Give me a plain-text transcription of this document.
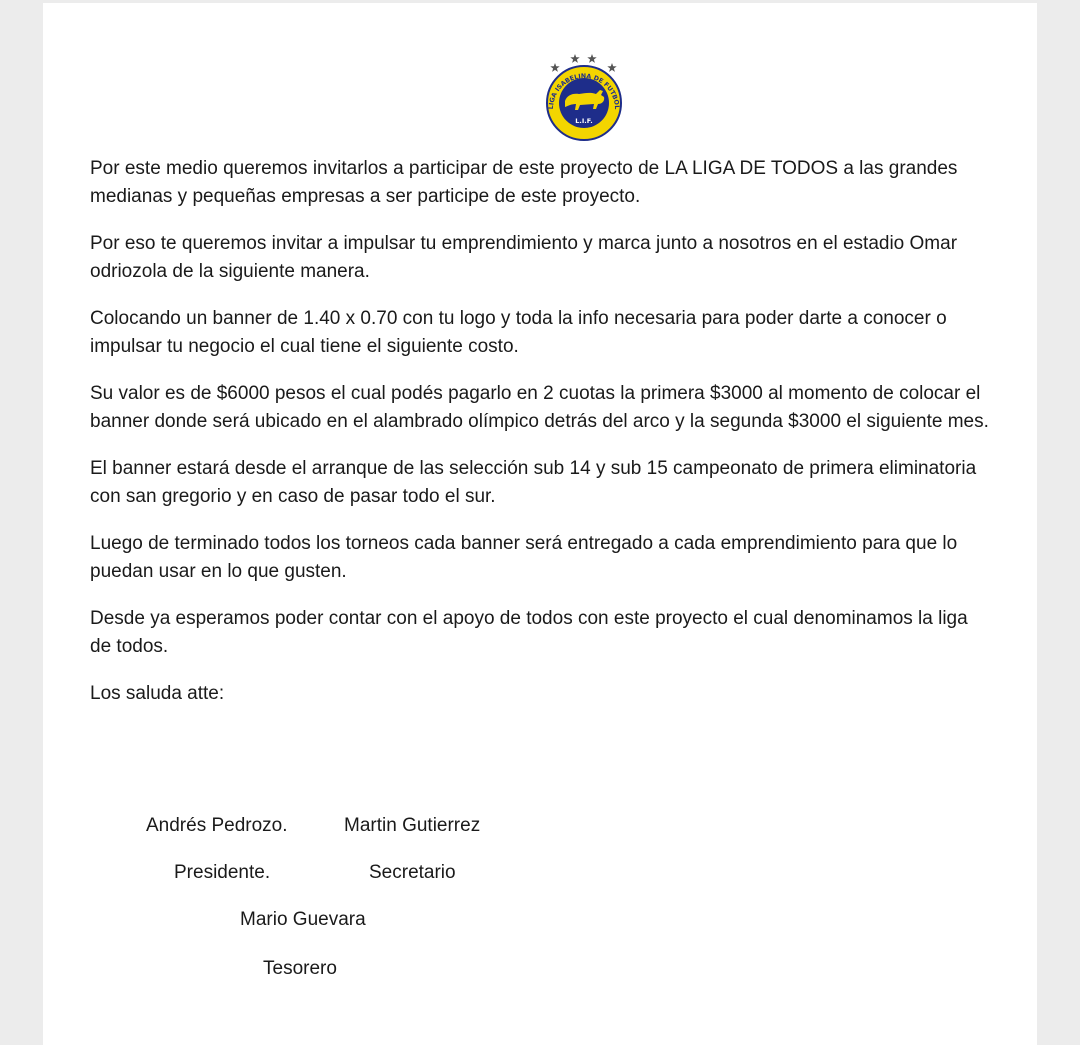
LIGA ISABELINA DE FUTBOL
L.I.F.

Por este medio queremos invitarlos a participar de este proyecto de LA LIGA DE TODOS a las grandes medianas y pequeñas empresas a ser participe de este proyecto.

Por eso te queremos invitar a impulsar tu emprendimiento y marca junto a nosotros en el estadio Omar odriozola de la siguiente manera.

Colocando un banner de 1.40 x 0.70 con tu logo y toda la info necesaria para poder darte a conocer o impulsar tu negocio el cual tiene el siguiente costo.

Su valor es de $6000 pesos el cual podés pagarlo en 2 cuotas la primera $3000 al momento de colocar el banner donde será ubicado en el alambrado olímpico detrás del arco y la segunda $3000 el siguiente mes.

El banner estará desde el arranque de las selección sub 14 y sub 15 campeonato de primera eliminatoria con san gregorio y en caso de pasar todo el sur.

Luego de terminado todos los torneos cada banner será entregado a cada emprendimiento para que lo puedan usar en lo que gusten.

Desde ya esperamos poder contar con el apoyo de todos con este proyecto el cual denominamos la liga de todos.

Los saluda atte:

Andrés Pedrozo.	Martin Gutierrez
Presidente.	Secretario
Mario Guevara
Tesorero
